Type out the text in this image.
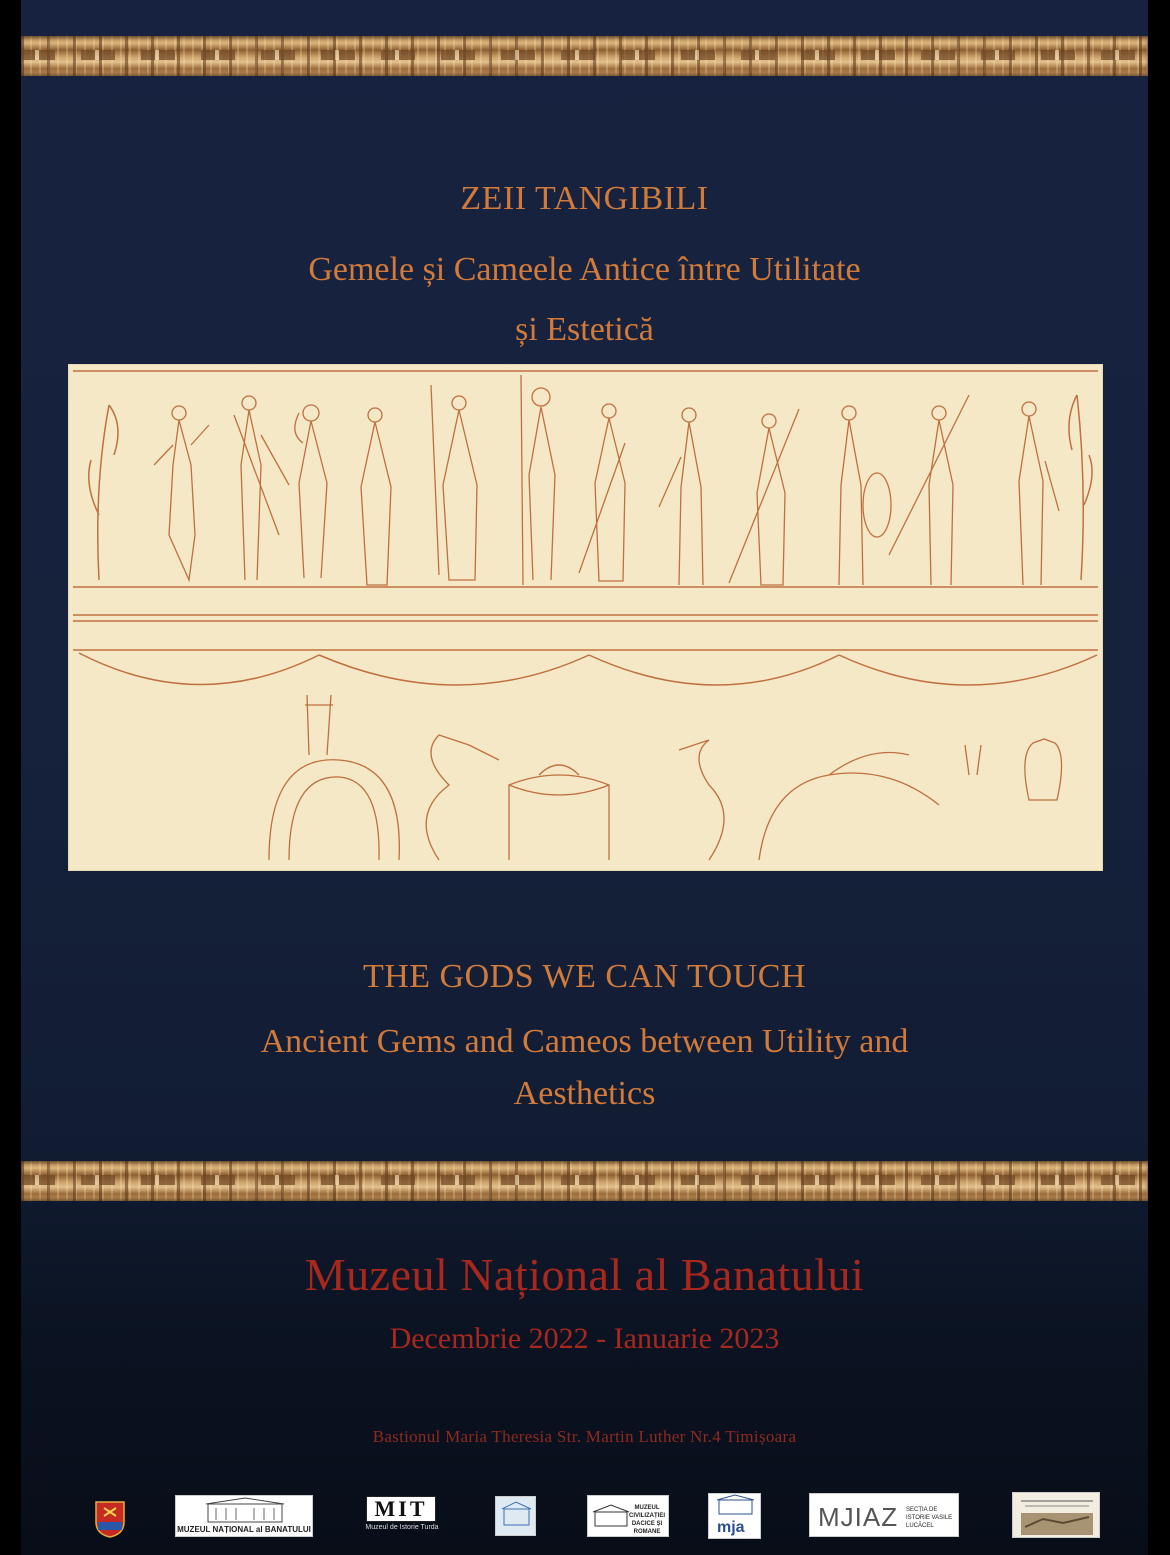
ZEII TANGIBILI
Gemele și Cameele Antice între Utilitate
și Estetică
THE GODS WE CAN TOUCH
Ancient Gems and Cameos between Utility and
Aesthetics
Muzeul Național al Banatului
Decembrie 2022 - Ianuarie 2023
Bastionul Maria Theresia Str. Martin Luther Nr.4 Timișoara
MUZEUL NAȚIONAL al BANATULUI
MIT
Muzeul de Istorie Turda
MUZEUL CIVILIZAȚIEI DACICE ȘI ROMANE	mja	MJIAZ	SECȚIA DE ISTORIE VASILE LUCĂCEL
